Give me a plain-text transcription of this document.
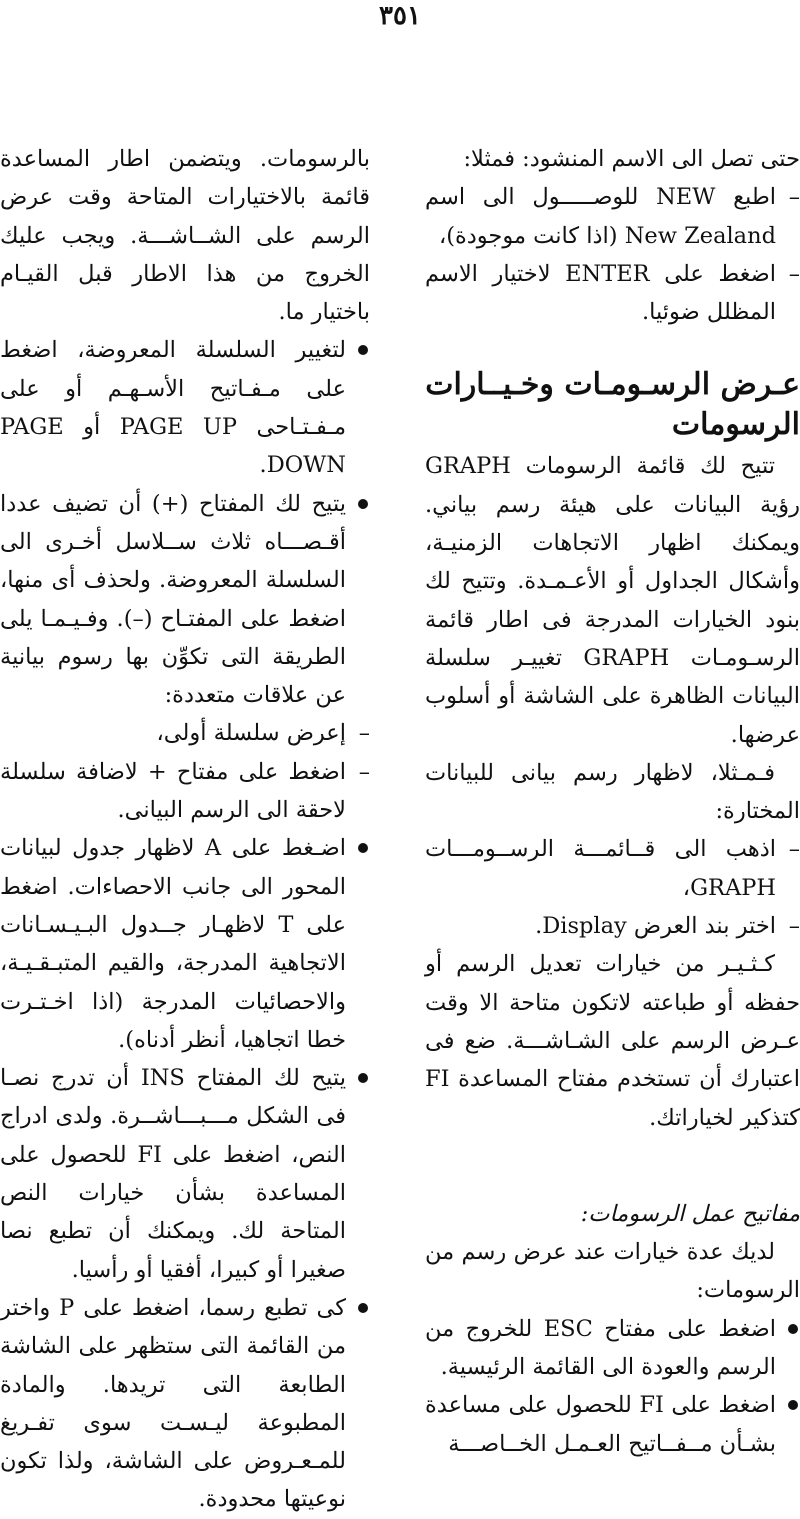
٣٥١

حتى تصل الى الاسم المنشود: فمثلا:

– اطبع NEW للوصـــــول الى اسم New Zealand (اذا كانت موجودة)،
– اضغط على ENTER لاختيار الاسم المظلل ضوئيا.
عـرض الرسـومـات وخـيــارات الرسومات

تتيح لك قائمة الرسومات GRAPH رؤية البيانات على هيئة رسم بياني. ويمكنك اظهار الاتجاهات الزمنيـة، وأشكال الجداول أو الأعـمـدة. وتتيح لك بنود الخيارات المدرجة فى اطار قائمة الرسـومـات GRAPH تغييـر سلسلة البيانات الظاهرة على الشاشة أو أسلوب عرضها.

فـمـثلا، لاظهار رسم بيانى للبيانات المختارة:

– اذهب الى قــائمـــة الرســومـــات GRAPH،
– اختر بند العرض Display.

كـثـيـر من خيارات تعديل الرسم أو حفظه أو طباعته لاتكون متاحة الا وقت عـرض الرسم على الشـاشـــة. ضع فى اعتبارك أن تستخدم مفتاح المساعدة FI كتذكير لخياراتك.

مفاتيح عمل الرسومات:

لديك عدة خيارات عند عرض رسم من الرسومات:

اضغط على مفتاح ESC للخروج من الرسم والعودة الى القائمة الرئيسية.
اضغط على FI للحصول على مساعدة بشـأن مــفــاتيح العـمـل الخــاصـــة

بالرسومات. ويتضمن اطار المساعدة قائمة بالاختيارات المتاحة وقت عرض الرسم على الشــاشـــة. ويجب عليك الخروج من هذا الاطار قبل القيـام باختيار ما.

لتغيير السلسلة المعروضة، اضغط على مـفـاتيح الأسـهـم أو على مـفـتـاحى PAGE UP أو PAGE DOWN.
يتيح لك المفتاح (+) أن تضيف عددا أقـصـــاه ثلاث ســلاسل أخـرى الى السلسلة المعروضة. ولحذف أى منها، اضغط على المفتـاح (–). وفـيـمـا يلى الطريقة التى تكوِّن بها رسوم بيانية عن علاقات متعددة:
– إعرض سلسلة أولى،
– اضغط على مفتاح + لاضافة سلسلة لاحقة الى الرسم البيانى.
اضـغط على A لاظهار جدول لبيانات المحور الى جانب الاحصاءات. اضغط على T لاظهـار جــدول البـيـسـانات الاتجاهية المدرجة، والقيم المتبـقـيـة، والاحصائيات المدرجة (اذا اخـتـرت خطا اتجاهيا، أنظر أدناه).
يتيح لك المفتاح INS أن تدرج نصـا فى الشكل مـــبـــاشــرة. ولدى ادراج النص، اضغط على FI للحصول على المساعدة بشأن خيارات النص المتاحة لك. ويمكنك أن تطبع نصا صغيرا أو كبيرا، أفقيا أو رأسيا.
كى تطبع رسما، اضغط على P واختر من القائمة التى ستظهر على الشاشة الطابعة التى تريدها. والمادة المطبوعة ليـسـت سوى تفـريغ للمـعـروض على الشاشة، ولذا تكون نوعيتها محدودة.
